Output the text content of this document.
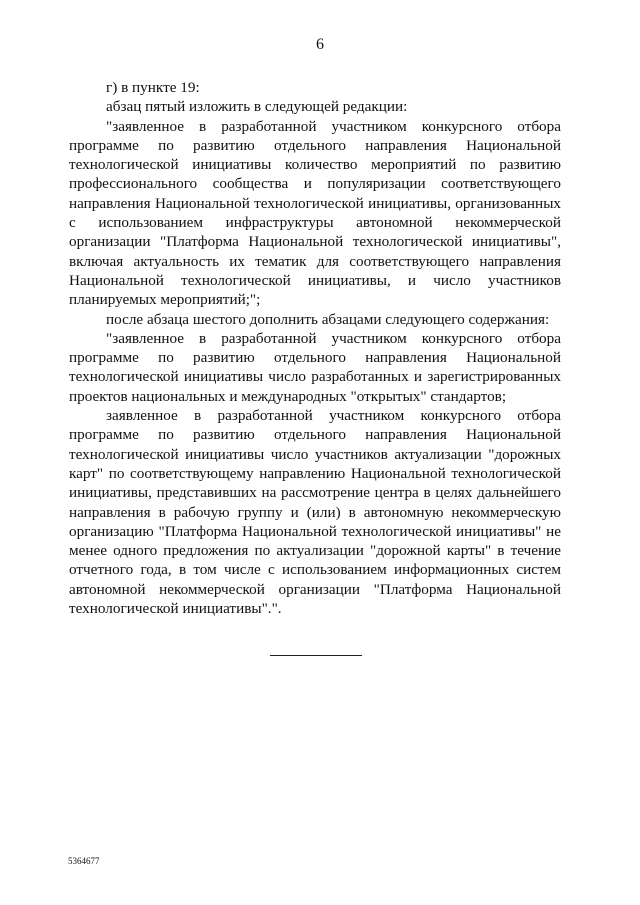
6

г) в пункте 19:

абзац пятый изложить в следующей редакции:

"заявленное в разработанной участником конкурсного отбора программе по развитию отдельного направления Национальной технологической инициативы количество мероприятий по развитию профессионального сообщества и популяризации соответствующего направления Национальной технологической инициативы, организованных с использованием инфраструктуры автономной некоммерческой организации "Платформа Национальной технологической инициативы", включая актуальность их тематик для соответствующего направления Национальной технологической инициативы, и число участников планируемых мероприятий;";

после абзаца шестого дополнить абзацами следующего содержания:

"заявленное в разработанной участником конкурсного отбора программе по развитию отдельного направления Национальной технологической инициативы число разработанных и зарегистрированных проектов национальных и международных "открытых" стандартов;

заявленное в разработанной участником конкурсного отбора программе по развитию отдельного направления Национальной технологической инициативы число участников актуализации "дорожных карт" по соответствующему направлению Национальной технологической инициативы, представивших на рассмотрение центра в целях дальнейшего направления в рабочую группу и (или) в автономную некоммерческую организацию "Платформа Национальной технологической инициативы" не менее одного предложения по актуализации "дорожной карты" в течение отчетного года, в том числе с использованием информационных систем автономной некоммерческой организации "Платформа Национальной технологической инициативы".".

5364677
